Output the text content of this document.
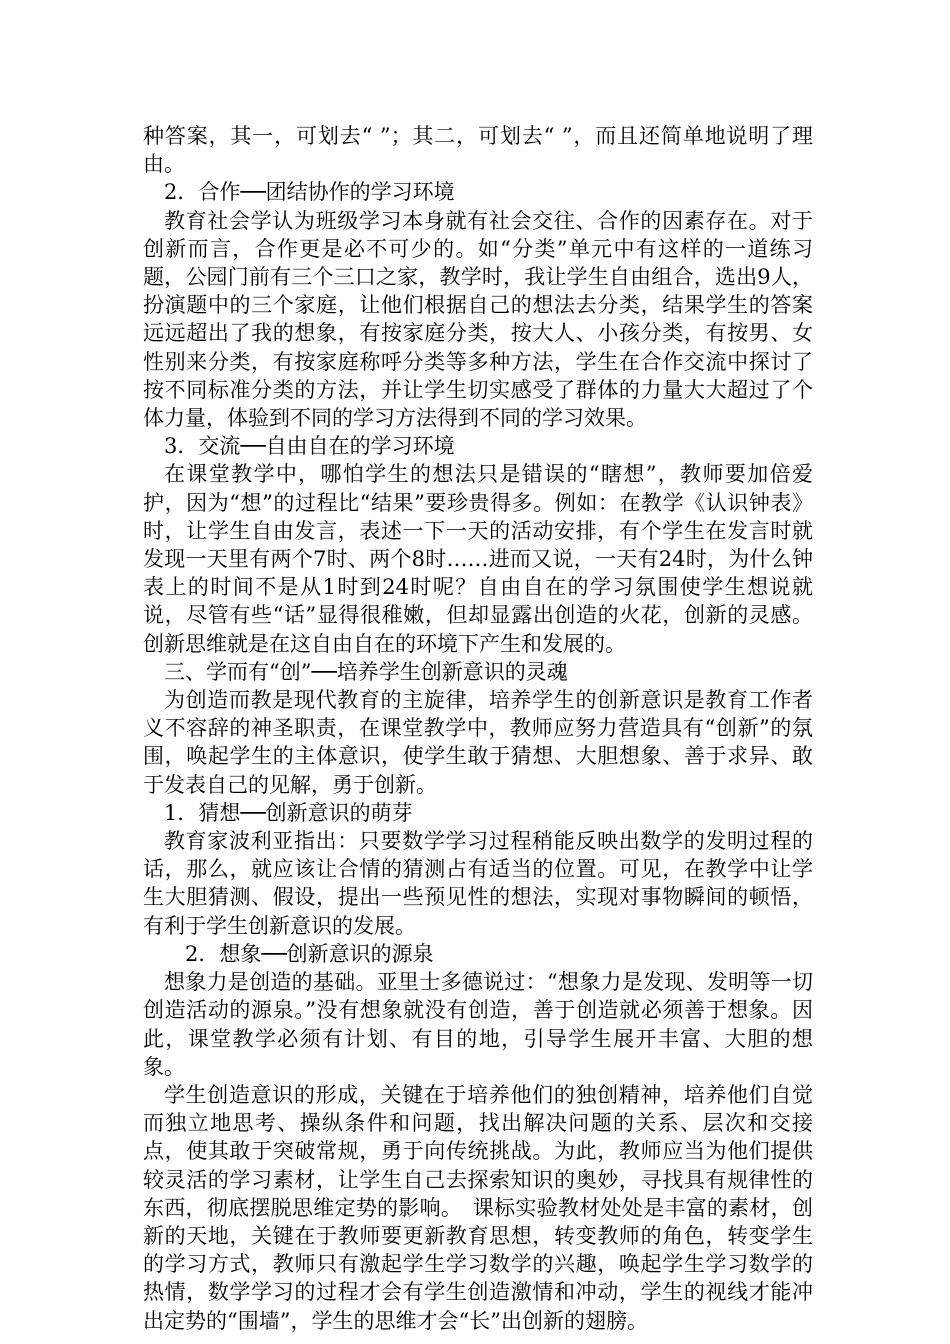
种答案，其一，可划去“ ”；其二，可划去“ ”，而且还简单地说明了理由。

2．合作──团结协作的学习环境

教育社会学认为班级学习本身就有社会交往、合作的因素存在。对于创新而言，合作更是必不可少的。如“分类”单元中有这样的一道练习题，公园门前有三个三口之家，教学时，我让学生自由组合，选出9人，扮演题中的三个家庭，让他们根据自己的想法去分类，结果学生的答案远远超出了我的想象，有按家庭分类，按大人、小孩分类，有按男、女性别来分类，有按家庭称呼分类等多种方法，学生在合作交流中探讨了按不同标准分类的方法，并让学生切实感受了群体的力量大大超过了个体力量，体验到不同的学习方法得到不同的学习效果。

3．交流──自由自在的学习环境

在课堂教学中，哪怕学生的想法只是错误的“瞎想”，教师要加倍爱护，因为“想”的过程比“结果”要珍贵得多。例如：在教学《认识钟表》时，让学生自由发言，表述一下一天的活动安排，有个学生在发言时就发现一天里有两个7时、两个8时……进而又说，一天有24时，为什么钟表上的时间不是从1时到24时呢？自由自在的学习氛围使学生想说就说，尽管有些“话”显得很稚嫩，但却显露出创造的火花，创新的灵感。创新思维就是在这自由自在的环境下产生和发展的。

三、学而有“创”──培养学生创新意识的灵魂

为创造而教是现代教育的主旋律，培养学生的创新意识是教育工作者义不容辞的神圣职责，在课堂教学中，教师应努力营造具有“创新”的氛围，唤起学生的主体意识，使学生敢于猜想、大胆想象、善于求异、敢于发表自己的见解，勇于创新。

1．猜想──创新意识的萌芽

教育家波利亚指出：只要数学学习过程稍能反映出数学的发明过程的话，那么，就应该让合情的猜测占有适当的位置。可见，在教学中让学生大胆猜测、假设，提出一些预见性的想法，实现对事物瞬间的顿悟，有利于学生创新意识的发展。

2．想象──创新意识的源泉

想象力是创造的基础。亚里士多德说过：“想象力是发现、发明等一切创造活动的源泉。”没有想象就没有创造，善于创造就必须善于想象。因此，课堂教学必须有计划、有目的地，引导学生展开丰富、大胆的想象。

学生创造意识的形成，关键在于培养他们的独创精神，培养他们自觉而独立地思考、操纵条件和问题，找出解决问题的关系、层次和交接点，使其敢于突破常规，勇于向传统挑战。为此，教师应当为他们提供较灵活的学习素材，让学生自己去探索知识的奥妙，寻找具有规律性的东西，彻底摆脱思维定势的影响。　课标实验教材处处是丰富的素材，创新的天地，关键在于教师要更新教育思想，转变教师的角色，转变学生的学习方式，教师只有激起学生学习数学的兴趣，唤起学生学习数学的热情，数学学习的过程才会有学生创造激情和冲动，学生的视线才能冲出定势的“围墙”，学生的思维才会“长”出创新的翅膀。
